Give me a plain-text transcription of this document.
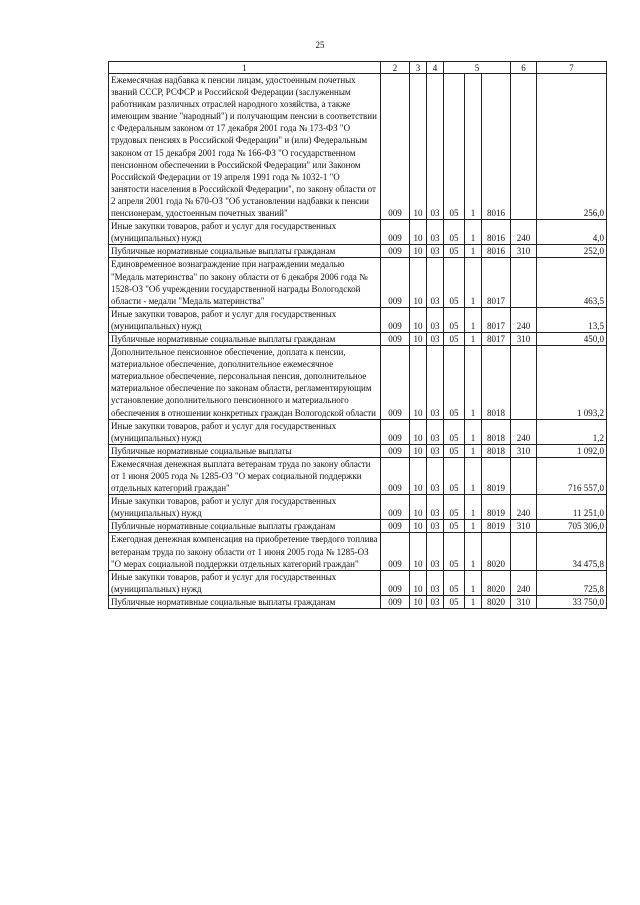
25
1	2	3	4	5			6	7
Ежемесячная надбавка к пенсии лицам, удостоенным почетных званий СССР, РСФСР и Российской Федерации (заслуженным работникам различных отраслей народного хозяйства, а также имеющим звание "народный") и получающим пенсии в соответствии с Федеральным законом от 17 декабря 2001 года № 173-ФЗ "О трудовых пенсиях в Российской Федерации" и (или) Федеральным законом от 15 декабря 2001 года № 166-ФЗ "О государственном пенсионном обеспечении в Российской Федерации" или Законом Российской Федерации от 19 апреля 1991 года № 1032-1 "О занятости населения в Российской Федерации", по закону области от 2 апреля 2001 года № 670-ОЗ "Об установлении надбавки к пенсии пенсионерам, удостоенным почетных званий"	009	10	03	05	1	8016		256,0
Иные закупки товаров, работ и услуг для государственных (муниципальных) нужд	009	10	03	05	1	8016	240	4,0
Публичные нормативные социальные выплаты гражданам	009	10	03	05	1	8016	310	252,0
Единовременное вознаграждение при награждении медалью "Медаль материнства" по закону области от 6 декабря 2006 года № 1528-ОЗ "Об учреждении государственной награды Вологодской области - медали "Медаль материнства"	009	10	03	05	1	8017		463,5
Иные закупки товаров, работ и услуг для государственных (муниципальных) нужд	009	10	03	05	1	8017	240	13,5
Публичные нормативные социальные выплаты гражданам	009	10	03	05	1	8017	310	450,0
Дополнительное пенсионное обеспечение, доплата к пенсии, материальное обеспечение, дополнительное ежемесячное материальное обеспечение, персональная пенсия, дополнительное материальное обеспечение по законам области, регламентирующим установление дополнительного пенсионного и материального обеспечения в отношении конкретных граждан Вологодской области	009	10	03	05	1	8018		1 093,2
Иные закупки товаров, работ и услуг для государственных (муниципальных) нужд	009	10	03	05	1	8018	240	1,2
Публичные нормативные социальные выплаты	009	10	03	05	1	8018	310	1 092,0
Ежемесячная денежная выплата ветеранам труда по закону области от 1 июня 2005 года № 1285-ОЗ "О мерах социальной поддержки отдельных категорий граждан"	009	10	03	05	1	8019		716 557,0
Иные закупки товаров, работ и услуг для государственных (муниципальных) нужд	009	10	03	05	1	8019	240	11 251,0
Публичные нормативные социальные выплаты гражданам	009	10	03	05	1	8019	310	705 306,0
Ежегодная денежная компенсация на приобретение твердого топлива ветеранам труда по закону области от 1 июня 2005 года № 1285-ОЗ "О мерах социальной поддержки отдельных категорий граждан"	009	10	03	05	1	8020		34 475,8
Иные закупки товаров, работ и услуг для государственных (муниципальных) нужд	009	10	03	05	1	8020	240	725,8
Публичные нормативные социальные выплаты гражданам	009	10	03	05	1	8020	310	33 750,0
